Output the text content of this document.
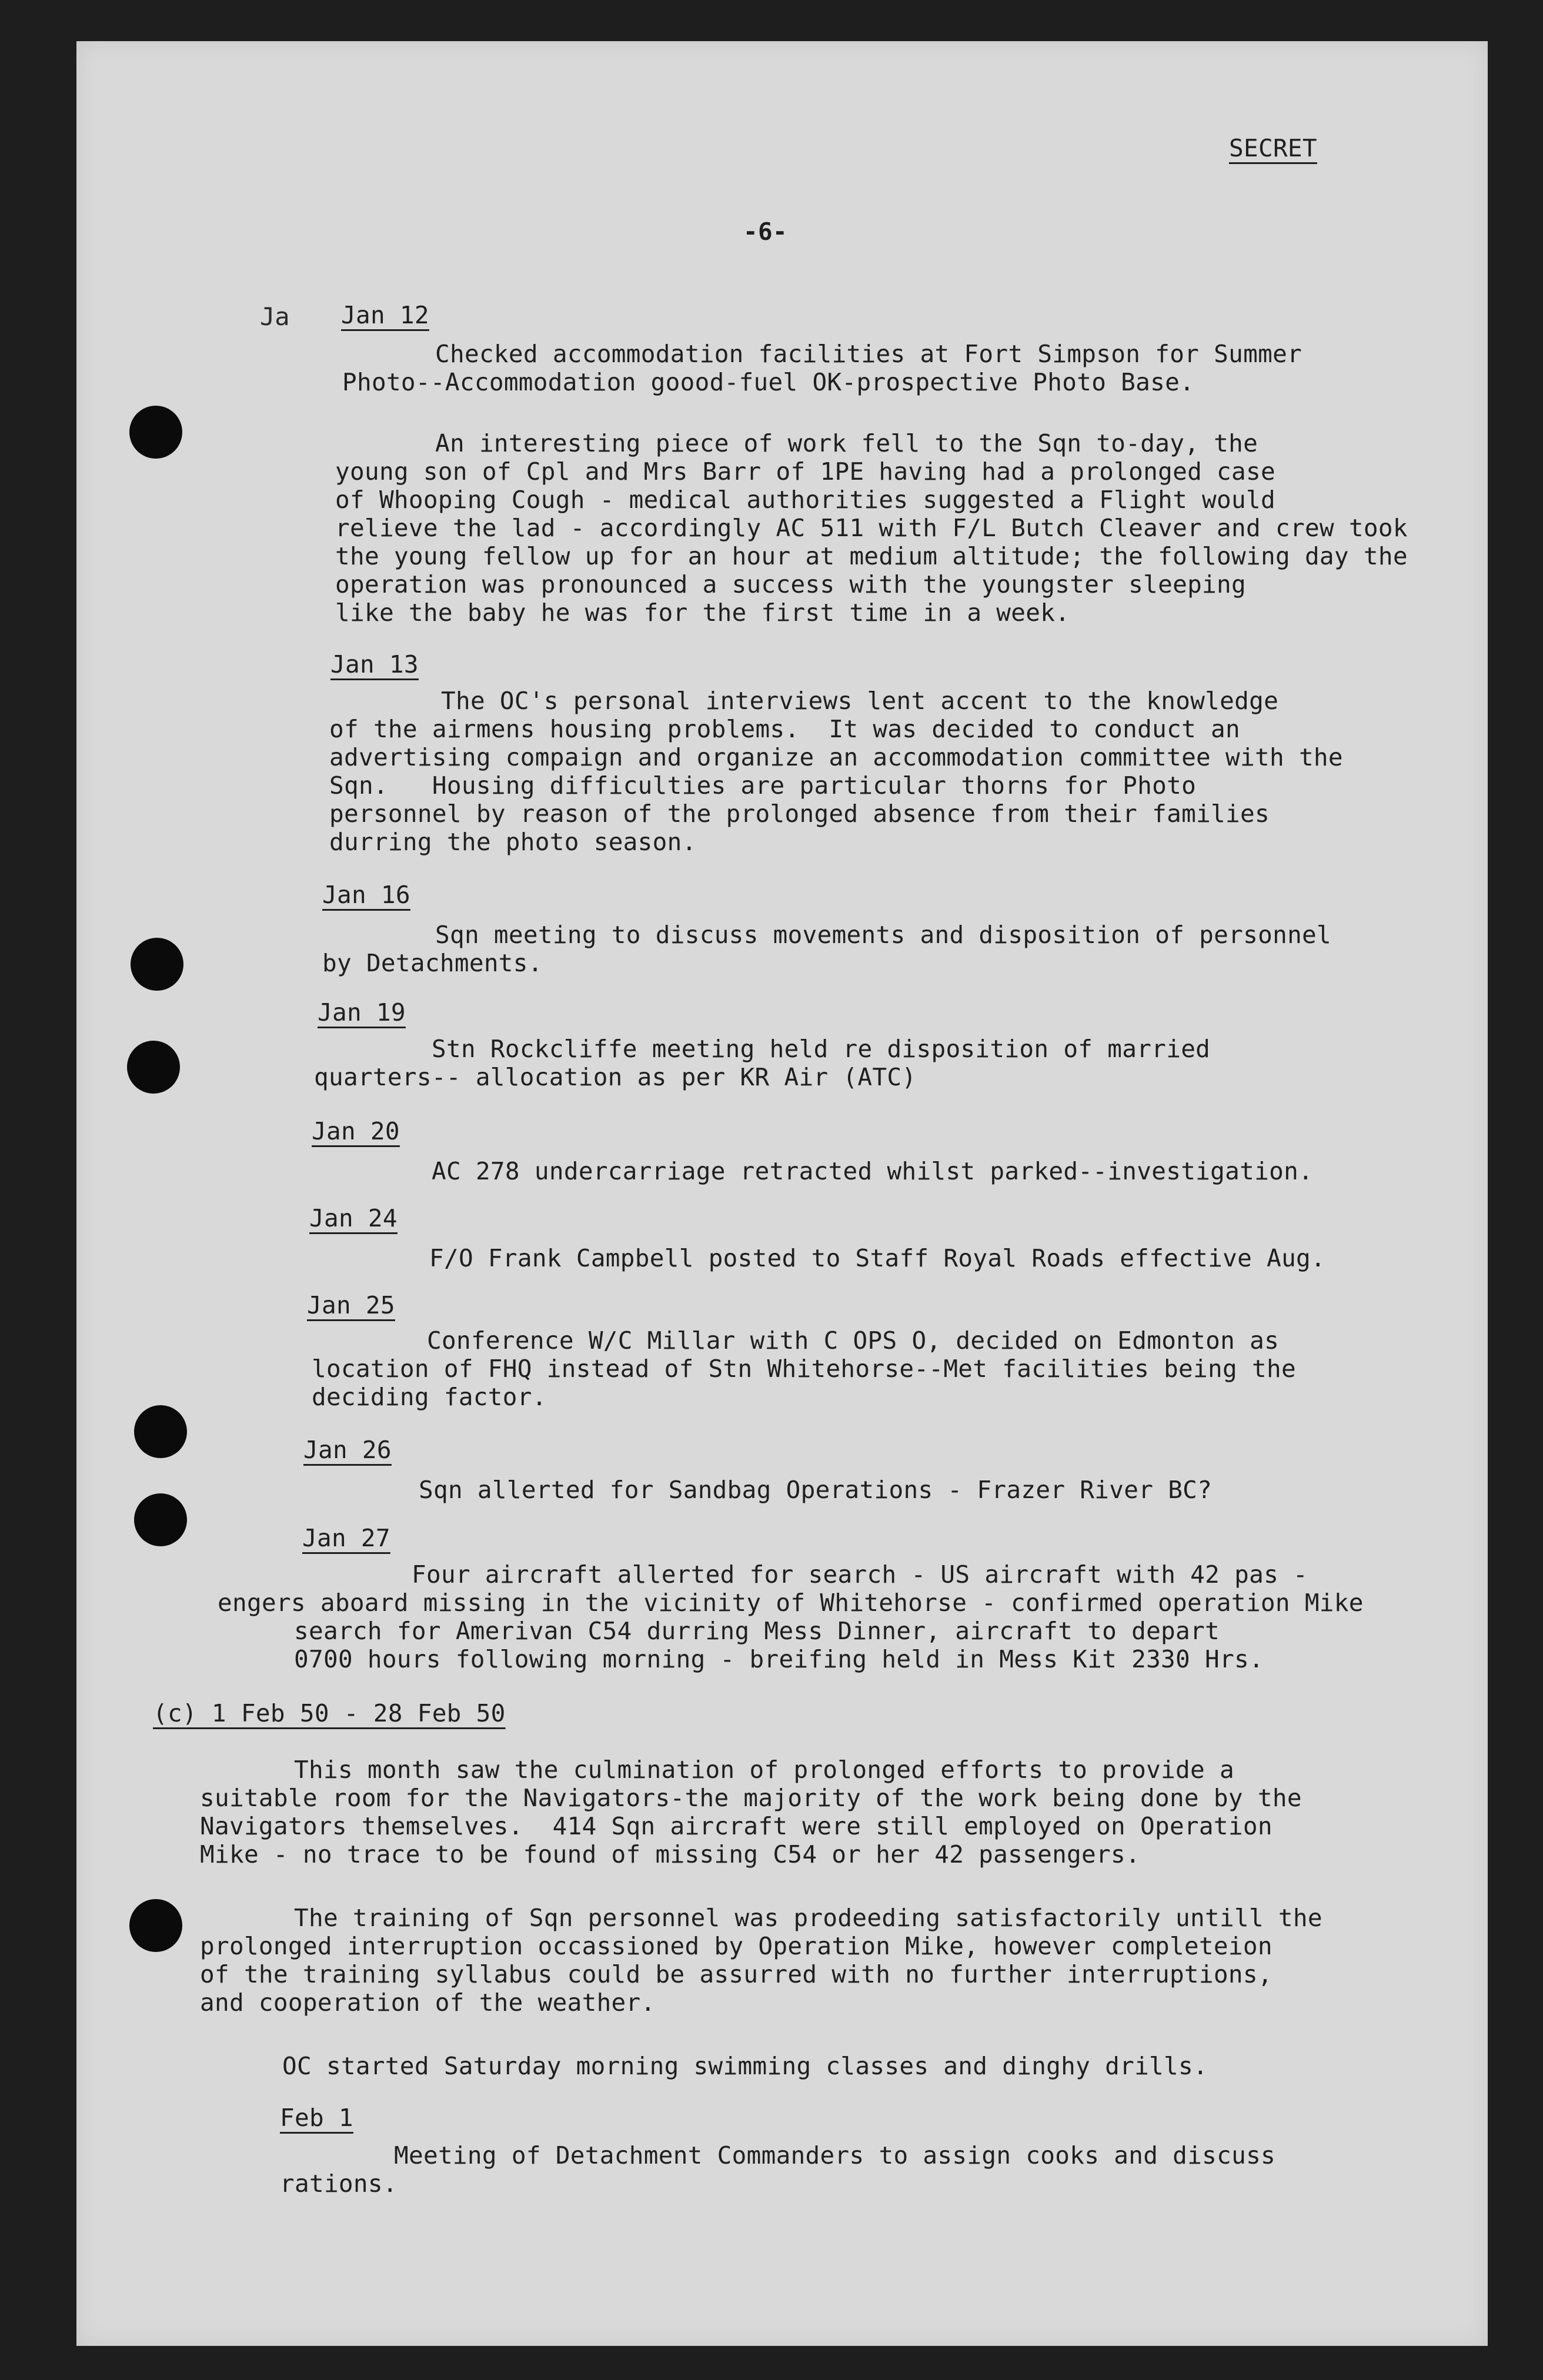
SECRET
-6-
Ja Jan 12
Checked accommodation facilities at Fort Simpson for Summer
Photo--Accommodation goood-fuel OK-prospective Photo Base.
An interesting piece of work fell to the Sqn to-day, the
young son of Cpl and Mrs Barr of 1PE having had a prolonged case
of Whooping Cough - medical authorities suggested a Flight would
relieve the lad - accordingly AC 511 with F/L Butch Cleaver and crew took
the young fellow up for an hour at medium altitude; the following day the
operation was pronounced a success with the youngster sleeping
like the baby he was for the first time in a week.
Jan 13
The OC's personal interviews lent accent to the knowledge
of the airmens housing problems.  It was decided to conduct an
advertising compaign and organize an accommodation committee with the
Sqn.   Housing difficulties are particular thorns for Photo
personnel by reason of the prolonged absence from their families
durring the photo season.
Jan 16
Sqn meeting to discuss movements and disposition of personnel
by Detachments.
Jan 19
Stn Rockcliffe meeting held re disposition of married
quarters-- allocation as per KR Air (ATC)
Jan 20
AC 278 undercarriage retracted whilst parked--investigation.
Jan 24
F/O Frank Campbell posted to Staff Royal Roads effective Aug.
Jan 25
Conference W/C Millar with C OPS O, decided on Edmonton as
location of FHQ instead of Stn Whitehorse--Met facilities being the
deciding factor.
Jan 26
Sqn allerted for Sandbag Operations - Frazer River BC?
Jan 27
Four aircraft allerted for search - US aircraft with 42 pas -
engers aboard missing in the vicinity of Whitehorse - confirmed operation Mike
search for Amerivan C54 durring Mess Dinner, aircraft to depart
0700 hours following morning - breifing held in Mess Kit 2330 Hrs.
(c) 1 Feb 50 - 28 Feb 50
This month saw the culmination of prolonged efforts to provide a
suitable room for the Navigators-the majority of the work being done by the
Navigators themselves.  414 Sqn aircraft were still employed on Operation
Mike - no trace to be found of missing C54 or her 42 passengers.
The training of Sqn personnel was prodeeding satisfactorily untill the
prolonged interruption occassioned by Operation Mike, however completeion
of the training syllabus could be assurred with no further interruptions,
and cooperation of the weather.
OC started Saturday morning swimming classes and dinghy drills.
Feb 1
Meeting of Detachment Commanders to assign cooks and discuss
rations.
